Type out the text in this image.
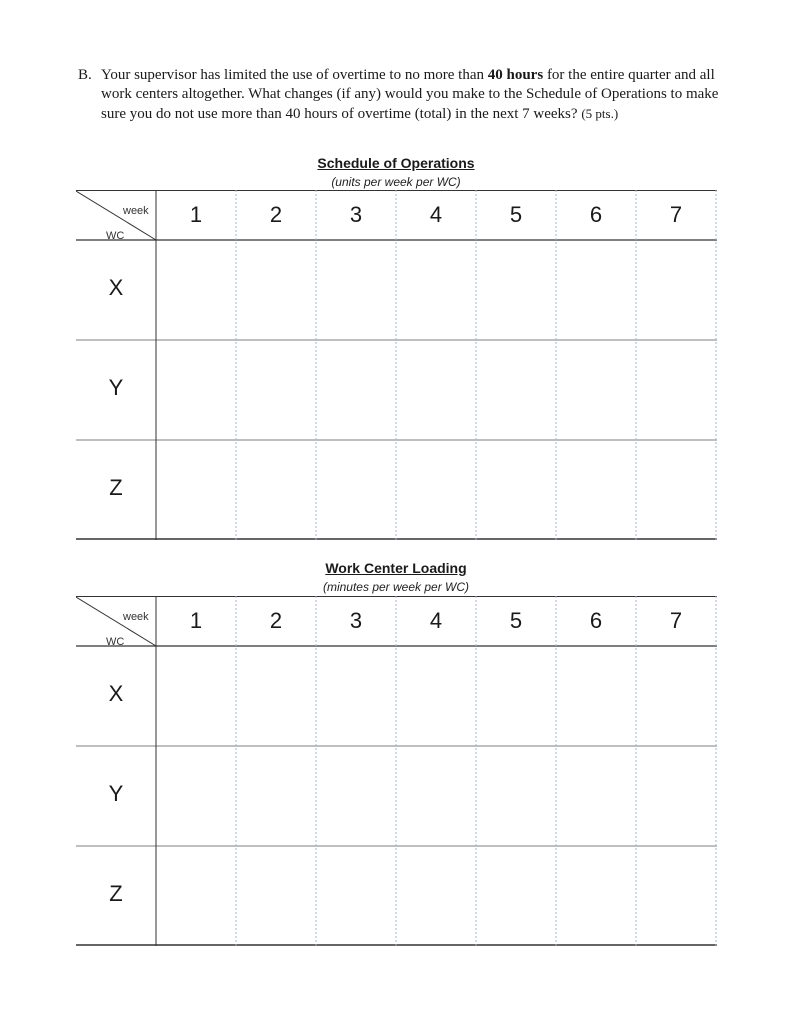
B. Your supervisor has limited the use of overtime to no more than 40 hours for the entire quarter and all work centers altogether. What changes (if any) would you make to the Schedule of Operations to make sure you do not use more than 40 hours of overtime (total) in the next 7 weeks? (5 pts.)
Schedule of Operations
(units per week per WC)
week
WC
1	2	3	4	5	6	7
X
Y
Z
Work Center Loading
(minutes per week per WC)
week
WC
1	2	3	4	5	6	7
X
Y
Z
